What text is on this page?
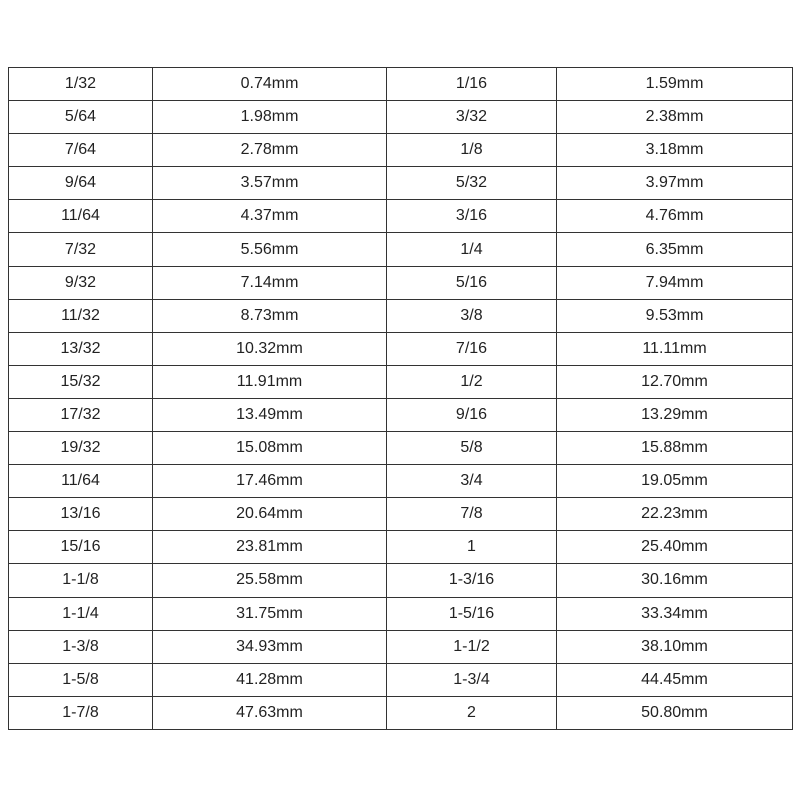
1/32	0.74mm	1/16	1.59mm
5/64	1.98mm	3/32	2.38mm
7/64	2.78mm	1/8	3.18mm
9/64	3.57mm	5/32	3.97mm
11/64	4.37mm	3/16	4.76mm
7/32	5.56mm	1/4	6.35mm
9/32	7.14mm	5/16	7.94mm
11/32	8.73mm	3/8	9.53mm
13/32	10.32mm	7/16	11.11mm
15/32	11.91mm	1/2	12.70mm
17/32	13.49mm	9/16	13.29mm
19/32	15.08mm	5/8	15.88mm
11/64	17.46mm	3/4	19.05mm
13/16	20.64mm	7/8	22.23mm
15/16	23.81mm	1	25.40mm
1-1/8	25.58mm	1-3/16	30.16mm
1-1/4	31.75mm	1-5/16	33.34mm
1-3/8	34.93mm	1-1/2	38.10mm
1-5/8	41.28mm	1-3/4	44.45mm
1-7/8	47.63mm	2	50.80mm
